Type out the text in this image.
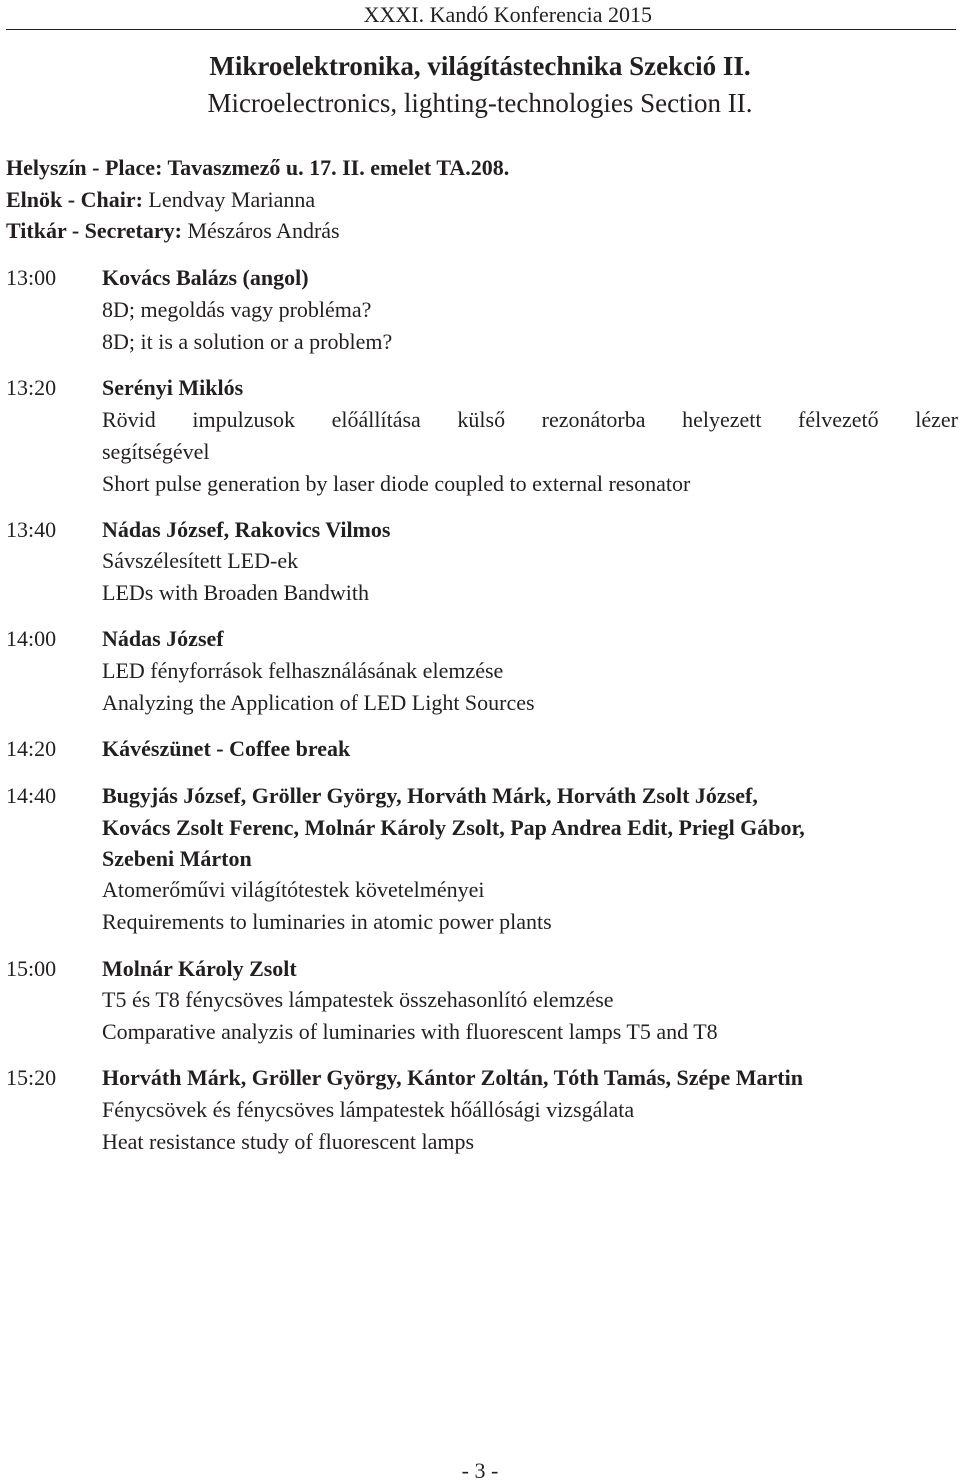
XXXI. Kandó Konferencia 2015
Mikroelektronika, világítástechnika Szekció II.
Microelectronics, lighting-technologies Section II.
Helyszín - Place: Tavaszmező u. 17. II. emelet TA.208.
Elnök - Chair: Lendvay Marianna
Titkár - Secretary: Mészáros András
13:00 Kovács Balázs (angol)
8D; megoldás vagy probléma?
8D; it is a solution or a problem?
13:20 Serényi Miklós
Rövid impulzusok előállítása külső rezonátorba helyezett félvezető lézer
segítségével
Short pulse generation by laser diode coupled to external resonator
13:40 Nádas József, Rakovics Vilmos
Sávszélesített LED-ek
LEDs with Broaden Bandwith
14:00 Nádas József
LED fényforrások felhasználásának elemzése
Analyzing the Application of LED Light Sources
14:20 Kávészünet - Coffee break
14:40 Bugyjás József, Gröller György, Horváth Márk, Horváth Zsolt József,
Kovács Zsolt Ferenc, Molnár Károly Zsolt, Pap Andrea Edit, Priegl Gábor,
Szebeni Márton
Atomerőművi világítótestek követelményei
Requirements to luminaries in atomic power plants
15:00 Molnár Károly Zsolt
T5 és T8 fénycsöves lámpatestek összehasonlító elemzése
Comparative analyzis of luminaries with fluorescent lamps T5 and T8
15:20 Horváth Márk, Gröller György, Kántor Zoltán, Tóth Tamás, Szépe Martin
Fénycsövek és fénycsöves lámpatestek hőállósági vizsgálata
Heat resistance study of fluorescent lamps
- 3 -
